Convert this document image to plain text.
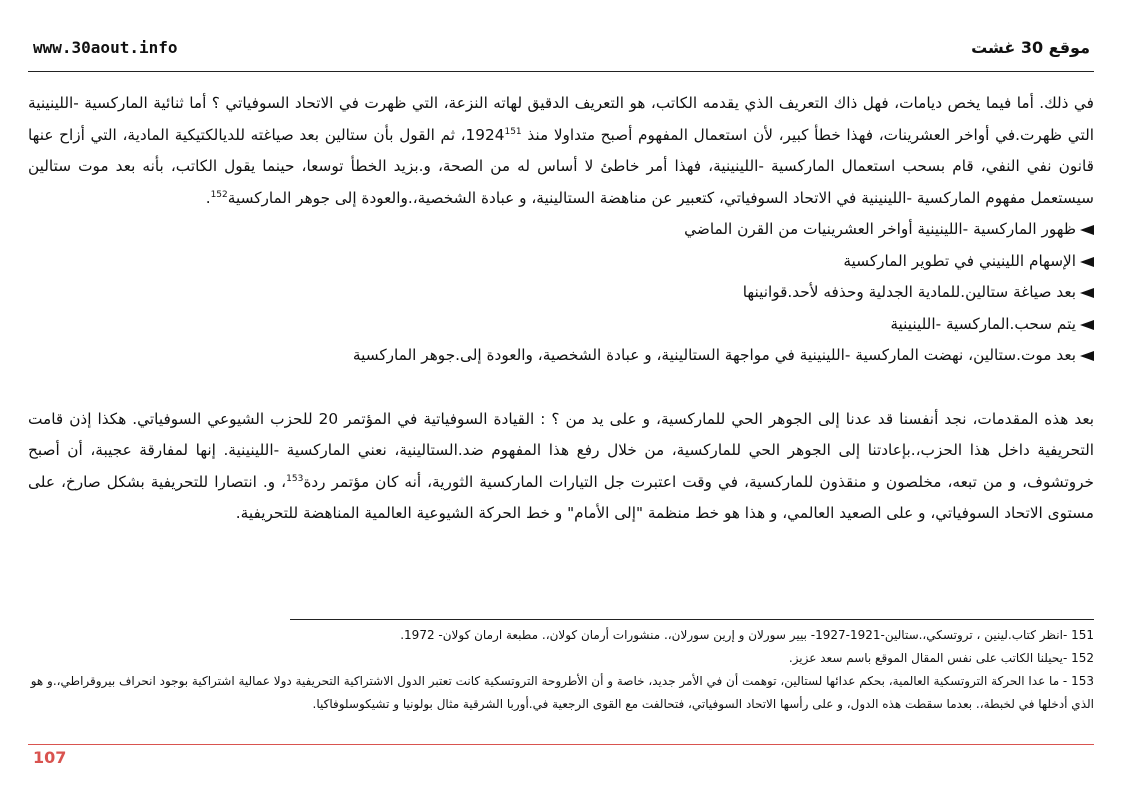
www.30aout.info	موقع 30 غشت

في ذلك. أما فيما يخص ديامات، فهل ذاك التعريف الذي يقدمه الكاتب، هو التعريف الدقيق لهاته النزعة، التي ظهرت في الاتحاد السوفياتي ؟ أما ثنائية الماركسية -اللينينية التي ظهرت.في أواخر العشرينات، فهذا خطأ كبير، لأن استعمال المفهوم أصبح متداولا منذ 1924$^{151}$، ثم القول بأن ستالين بعد صياغته للديالكتيكية المادية، التي أزاح عنها قانون نفي النفي، قام بسحب استعمال الماركسية -اللينينية، فهذا أمر خاطئ لا أساس له من الصحة، و.بزيد الخطأ توسعا، حينما يقول الكاتب، بأنه بعد موت ستالين سيستعمل مفهوم الماركسية -اللينينية في الاتحاد السوفياتي، كتعبير عن مناهضة الستالينية، و عبادة الشخصية،.والعودة إلى جوهر الماركسية$^{152}$.

ظهور الماركسية -اللينينية أواخر العشرينيات من القرن الماضي
الإسهام اللينيني في تطوير الماركسية
بعد صياغة ستالين.للمادية الجدلية وحذفه لأحد.قوانينها
يتم سحب.الماركسية -اللينينية
بعد موت.ستالين، نهضت الماركسية -اللينينية في مواجهة الستالينية، و عبادة الشخصية، والعودة إلى.جوهر الماركسية

بعد هذه المقدمات، نجد أنفسنا قد عدنا إلى الجوهر الحي للماركسية، و على يد من ؟ : القيادة السوفياتية في المؤتمر 20 للحزب الشيوعي السوفياتي. هكذا إذن قامت التحريفية داخل هذا الحزب،.بإعادتنا إلى الجوهر الحي للماركسية، من خلال رفع هذا المفهوم ضد.الستالينية، نعني الماركسية -اللينينية. إنها لمفارقة عجيبة، أن أصبح خروتشوف، و من تبعه، مخلصون و منقذون للماركسية، في وقت اعتبرت جل التيارات الماركسية الثورية، أنه كان مؤتمر ردة$^{153}$، و. انتصارا للتحريفية بشكل صارخ، على مستوى الاتحاد السوفياتي، و على الصعيد العالمي، و هذا هو خط منظمة "إلى الأمام" و خط الحركة الشيوعية العالمية المناهضة للتحريفية.

151 -انظر كتاب.لينين ، تروتسكي،.ستالين-1921-1927- بيير سورلان و إرين سورلان،. منشورات أرمان كولان،. مطبعة ارمان كولان- 1972.

152 -يحيلنا الكاتب على نفس المقال الموقع باسم سعد عزيز.

153 - ما عدا الحركة التروتسكية العالمية، بحكم عدائها لستالين، توهمت أن في الأمر جديد، خاصة و أن الأطروحة التروتسكية كانت تعتبر الدول الاشتراكية التحريفية دولا عمالية اشتراكية بوجود انحراف بيروقراطي،.و هو الذي أدخلها في لخبطة،. بعدما سقطت هذه الدول، و على رأسها الاتحاد السوفياتي، فتحالفت مع القوى الرجعية في.أوربا الشرقية مثال بولونيا و تشيكوسلوفاكيا.

107
